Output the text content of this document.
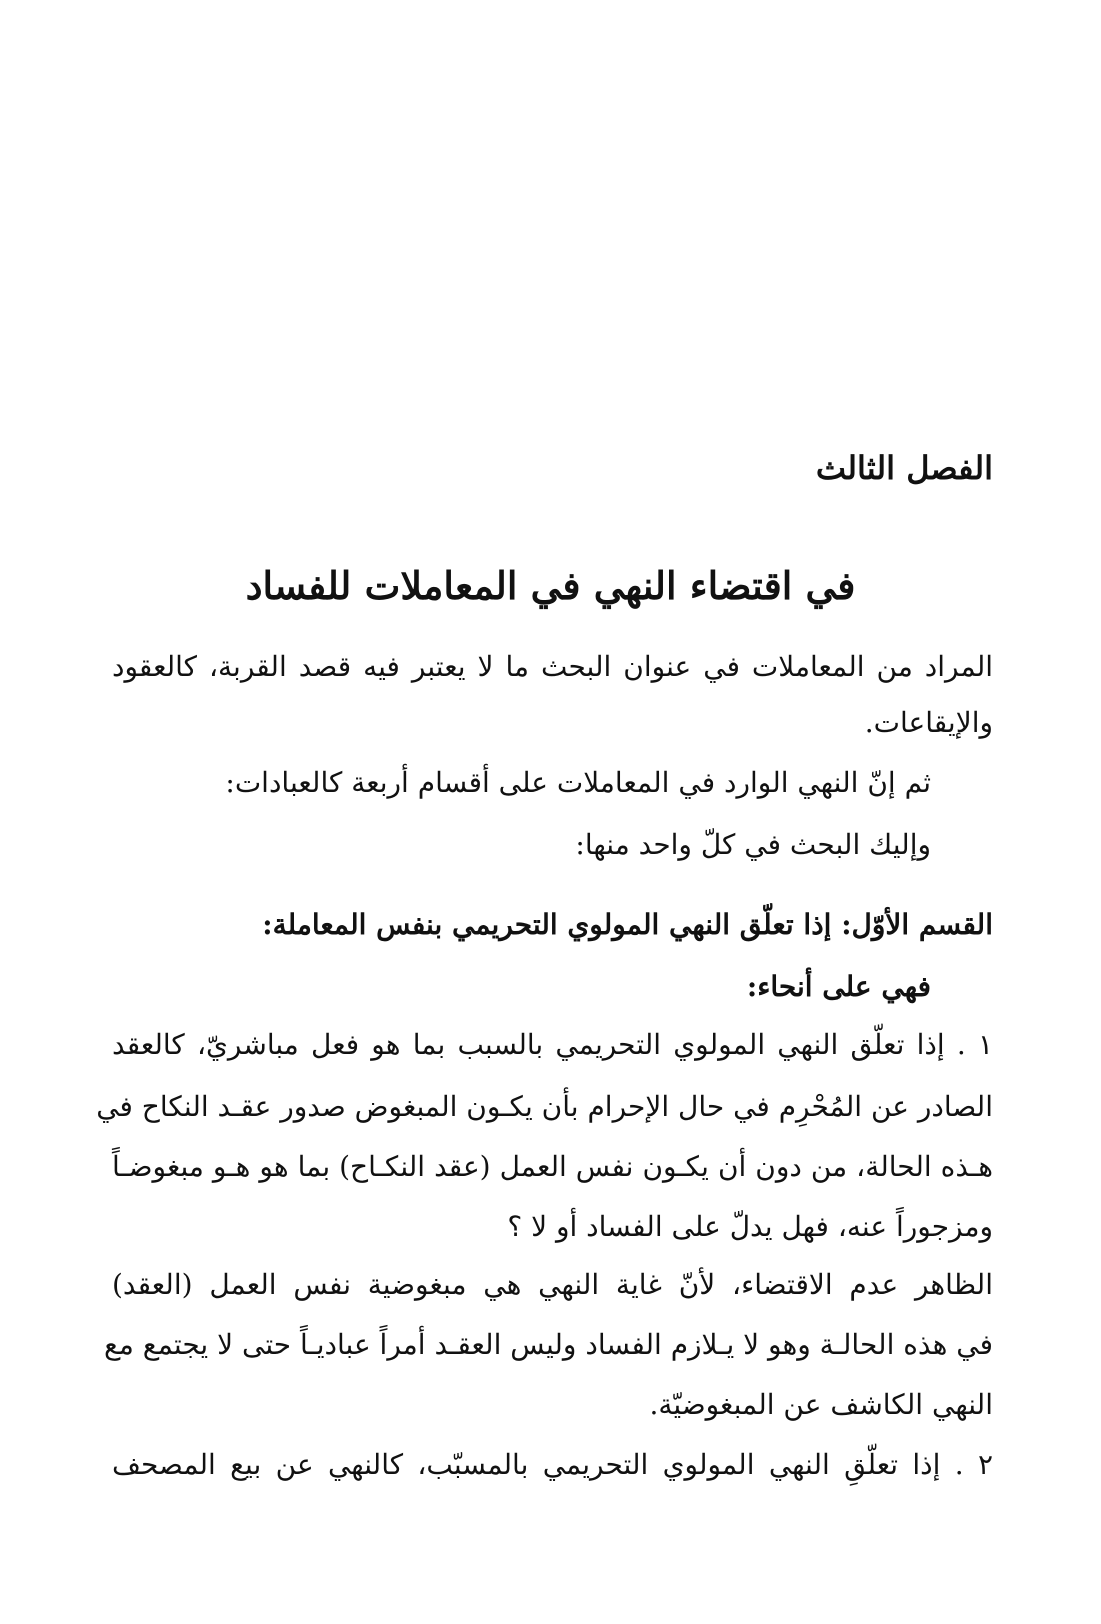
الفصل الثالث
في اقتضاء النهي في المعاملات للفساد
المراد من المعاملات في عنوان البحث ما لا يعتبر فيه قصد القربة، كالعقود
والإيقاعات.
ثم إنّ النهي الوارد في المعاملات على أقسام أربعة كالعبادات:
وإليك البحث في كلّ واحد منها:
القسم الأوّل: إذا تعلّق النهي المولوي التحريمي بنفس المعاملة:
فهي على أنحاء:
١ . إذا تعلّق النهي المولوي التحريمي بالسبب بما هو فعل مباشريّ، كالعقد
الصادر عن المُحْرِم في حال الإحرام بأن يكـون المبغوض صدور عقـد النكاح في
هـذه الحالة، من دون أن يكـون نفس العمل (عقد النكـاح) بما هو هـو مبغوضـاً
ومزجوراً عنه، فهل يدلّ على الفساد أو لا ؟
الظاهر عدم الاقتضاء، لأنّ غاية النهي هي مبغوضية نفس العمل (العقد)
في هذه الحالـة وهو لا يـلازم الفساد وليس العقـد أمراً عباديـاً حتى لا يجتمع مع
النهي الكاشف عن المبغوضيّة.
٢ . إذا تعلّقِ النهي المولوي التحريمي بالمسبّب، كالنهي عن بيع المصحف
